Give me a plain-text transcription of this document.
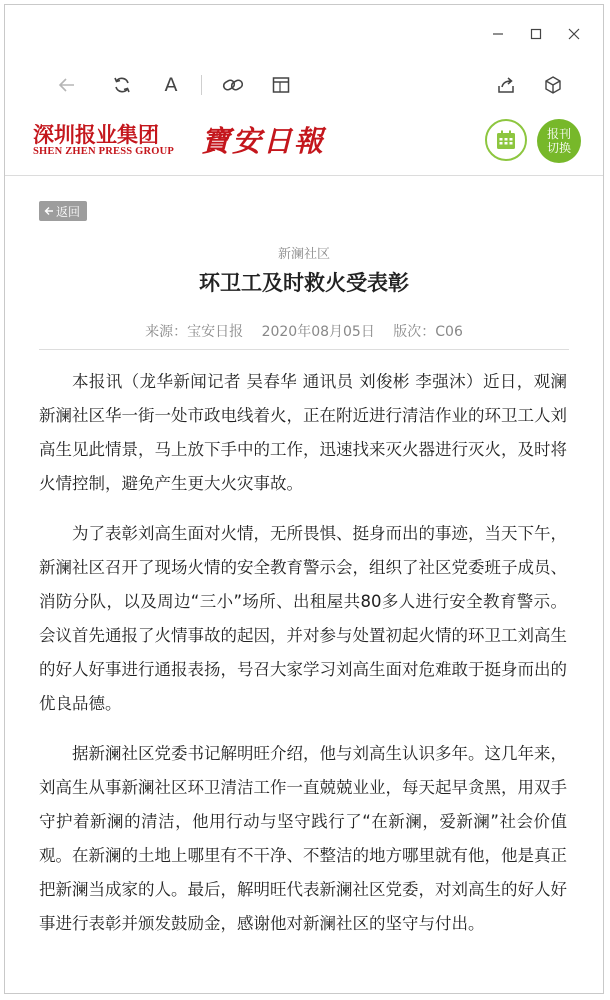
A
深圳报业集团
SHEN ZHEN PRESS GROUP 寶安日報	报刊
切换
返回
新澜社区
环卫工及时救火受表彰
来源：宝安日报 2020年08月05日 版次：C06

本报讯（龙华新闻记者 吴春华 通讯员 刘俊彬 李强沐）近日，观澜新澜社区华一街一处市政电线着火，正在附近进行清洁作业的环卫工人刘高生见此情景，马上放下手中的工作，迅速找来灭火器进行灭火，及时将火情控制，避免产生更大火灾事故。

为了表彰刘高生面对火情，无所畏惧、挺身而出的事迹，当天下午，新澜社区召开了现场火情的安全教育警示会，组织了社区党委班子成员、消防分队，以及周边“三小”场所、出租屋共80多人进行安全教育警示。会议首先通报了火情事故的起因，并对参与处置初起火情的环卫工刘高生的好人好事进行通报表扬，号召大家学习刘高生面对危难敢于挺身而出的优良品德。

据新澜社区党委书记解明旺介绍，他与刘高生认识多年。这几年来，刘高生从事新澜社区环卫清洁工作一直兢兢业业，每天起早贪黑，用双手守护着新澜的清洁，他用行动与坚守践行了“在新澜，爱新澜”社会价值观。在新澜的土地上哪里有不干净、不整洁的地方哪里就有他，他是真正把新澜当成家的人。最后，解明旺代表新澜社区党委，对刘高生的好人好事进行表彰并颁发鼓励金，感谢他对新澜社区的坚守与付出。
